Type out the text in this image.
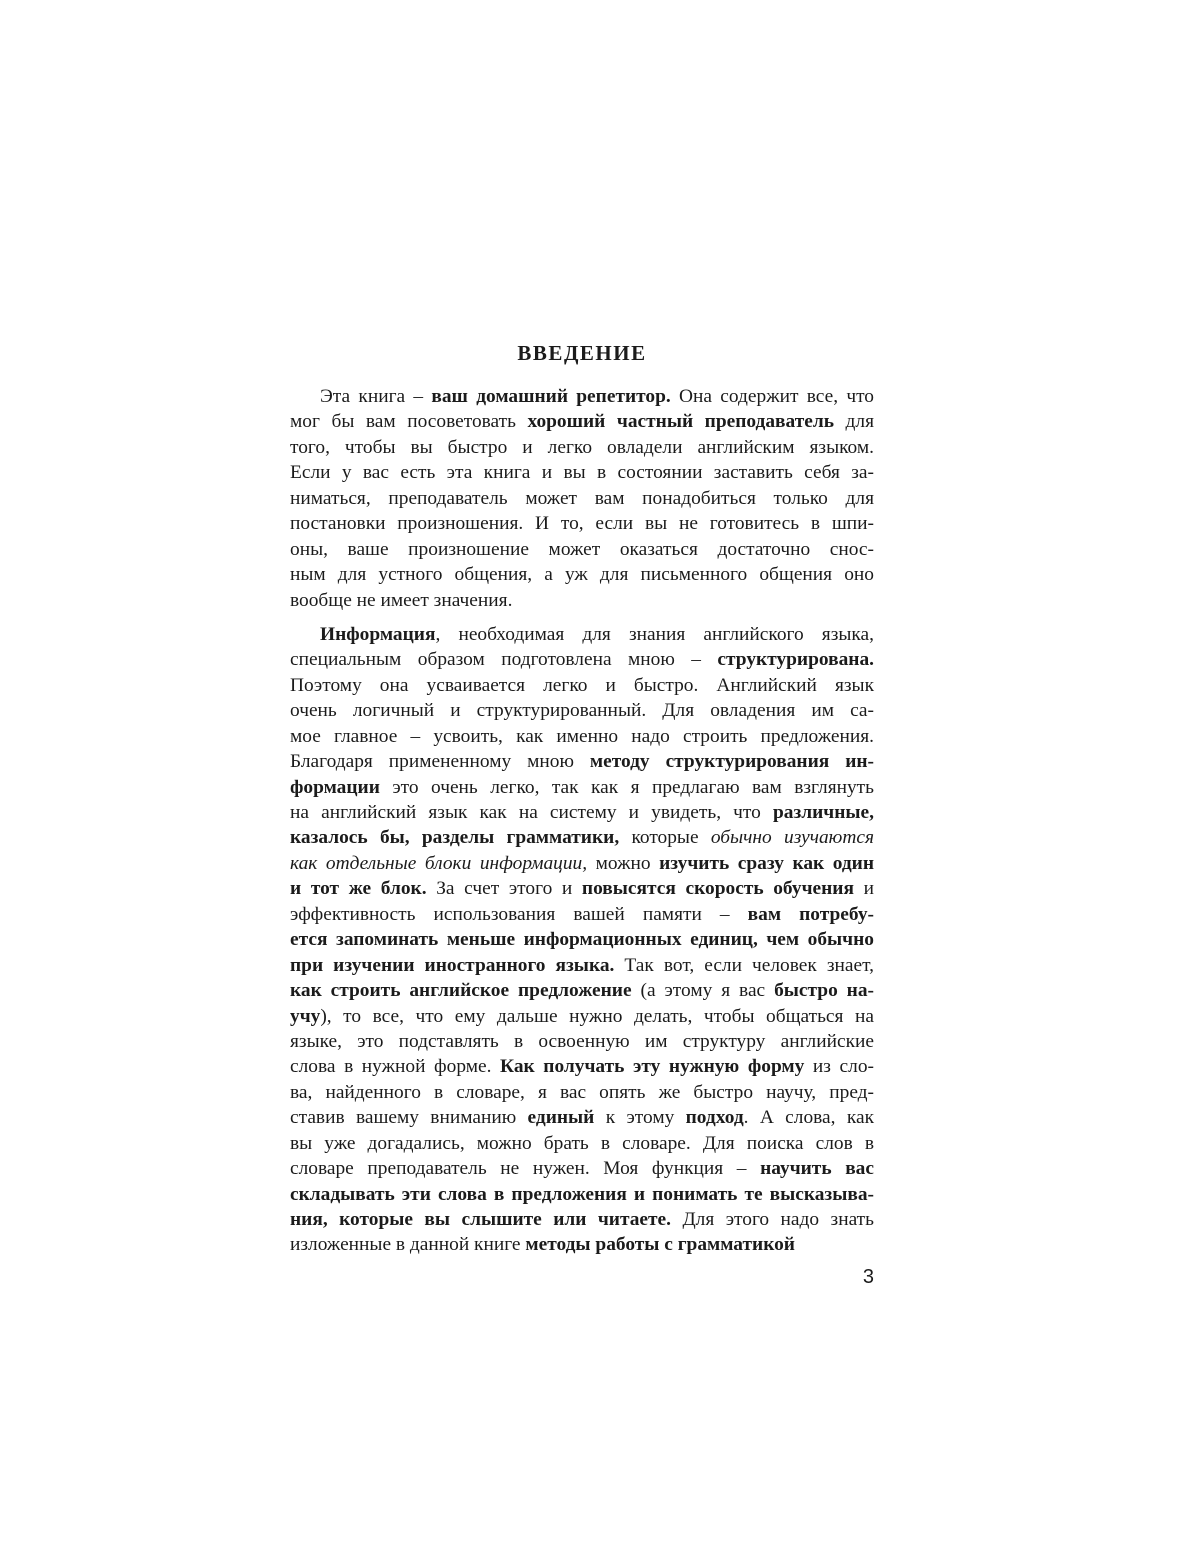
ВВЕДЕНИЕ
Эта книга – ваш домашний репетитор. Она содержит все, что
мог бы вам посоветовать хороший частный преподаватель для
того, чтобы вы быстро и легко овладели английским языком.
Если у вас есть эта книга и вы в состоянии заставить себя за-
ниматься, преподаватель может вам понадобиться только для
постановки произношения. И то, если вы не готовитесь в шпи-
оны, ваше произношение может оказаться достаточно снос-
ным для устного общения, а уж для письменного общения оно
вообще не имеет значения.
Информация, необходимая для знания английского языка,
специальным образом подготовлена мною – структурирована.
Поэтому она усваивается легко и быстро. Английский язык
очень логичный и структурированный. Для овладения им са-
мое главное – усвоить, как именно надо строить предложения.
Благодаря примененному мною методу структурирования ин-
формации это очень легко, так как я предлагаю вам взглянуть
на английский язык как на систему и увидеть, что различные,
казалось бы, разделы грамматики, которые обычно изучаются
как отдельные блоки информации, можно изучить сразу как один
и тот же блок. За счет этого и повысятся скорость обучения и
эффективность использования вашей памяти – вам потребу-
ется запоминать меньше информационных единиц, чем обычно
при изучении иностранного языка. Так вот, если человек знает,
как строить английское предложение (а этому я вас быстро на-
учу), то все, что ему дальше нужно делать, чтобы общаться на
языке, это подставлять в освоенную им структуру английские
слова в нужной форме. Как получать эту нужную форму из сло-
ва, найденного в словаре, я вас опять же быстро научу, пред-
ставив вашему вниманию единый к этому подход. А слова, как
вы уже догадались, можно брать в словаре. Для поиска слов в
словаре преподаватель не нужен. Моя функция – научить вас
складывать эти слова в предложения и понимать те высказыва-
ния, которые вы слышите или читаете. Для этого надо знать
изложенные в данной книге методы работы с грамматикой
3
